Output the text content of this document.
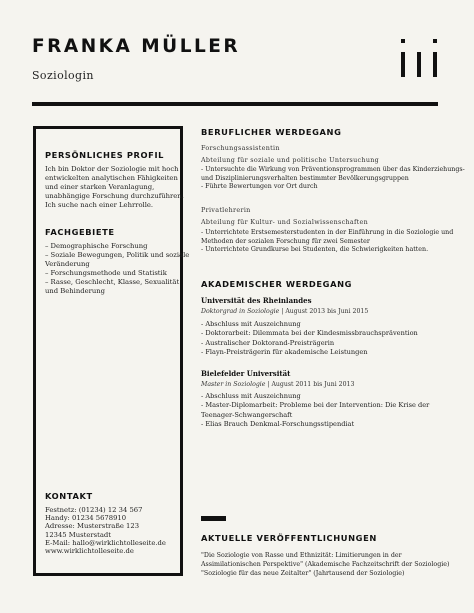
FRANKA MÜLLER
Soziologin
PERSÖNLICHES PROFIL
Ich bin Doktor der Soziologie mit hoch
entwickelten analytischen Fähigkeiten
und einer starken Veranlagung,
unabhängige Forschung durchzuführen.
Ich suche nach einer Lehrrolle.
FACHGEBIETE
– Demographische Forschung
– Soziale Bewegungen, Politik und soziale
Veränderung
– Forschungsmethode und Statistik
– Rasse, Geschlecht, Klasse, Sexualität
und Behinderung
KONTAKT
Festnetz: (01234) 12 34 567
Handy: 01234 5678910
Adresse: Musterstraße 123
12345 Musterstadt
E-Mail: hallo@wirklichtolleseite.de
www.wirklichtolleseite.de
BERUFLICHER WERDEGANG
Forschungsassistentin
Abteilung für soziale und politische Untersuchung
- Untersuchte die Wirkung von Präventionsprogrammen über das Kinderziehungs-
und Disziplinierungsverhalten bestimmter Bevölkerungsgruppen
- Führte Bewertungen vor Ort durch
Privatlehrerin
Abteilung für Kultur- und Sozialwissenschaften
- Unterrichtete Erstsemesterstudenten in der Einführung in die Soziologie und
Methoden der sozialen Forschung für zwei Semester
- Unterrichtete Grundkurse bei Studenten, die Schwierigkeiten hatten.
AKADEMISCHER WERDEGANG
Universität des Rheinlandes
Doktorgrad in Soziologie | August 2013 bis Juni 2015
- Abschluss mit Auszeichnung
- Doktorarbeit: Dilemmata bei der Kindesmissbrauchsprävention
- Australischer Doktorand-Preisträgerin
- Flayn-Preisträgerin für akademische Leistungen
Bielefelder Universität
Master in Soziologie | August 2011 bis Juni 2013
- Abschluss mit Auszeichnung
- Master-Diplomarbeit: Probleme bei der Intervention: Die Krise der
Teenager-Schwangerschaft
- Elias Brauch Denkmal-Forschungsstipendiat
AKTUELLE VERÖFFENTLICHUNGEN
"Die Soziologie von Rasse und Ethnizität: Limitierungen in der
Assimilationischen Perspektive" (Akademische Fachzeitschrift der Soziologie)
"Soziologie für das neue Zeitalter" (Jahrtausend der Soziologie)
